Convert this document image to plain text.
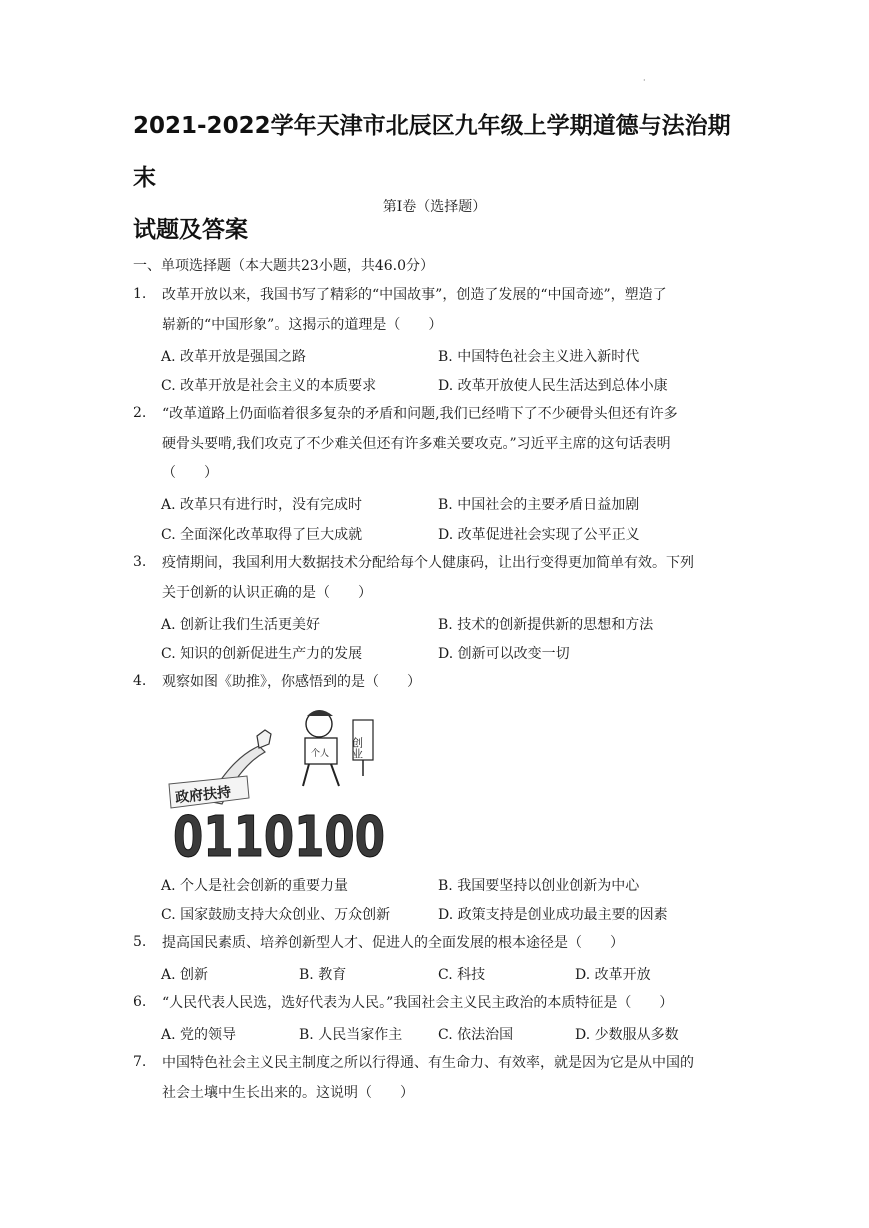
·
2021-2022学年天津市北辰区九年级上学期道德与法治期末
试题及答案
第Ⅰ卷（选择题）
一、单项选择题（本大题共23小题，共46.0分）
1. 改革开放以来，我国书写了精彩的“中国故事”，创造了发展的“中国奇迹”，塑造了
崭新的“中国形象”。这揭示的道理是（　　）
A. 改革开放是强国之路	B. 中国特色社会主义进入新时代
C. 改革开放是社会主义的本质要求	D. 改革开放使人民生活达到总体小康
2. “改革道路上仍面临着很多复杂的矛盾和问题,我们已经啃下了不少硬骨头但还有许多
硬骨头要啃,我们攻克了不少难关但还有许多难关要攻克。”习近平主席的这句话表明
（　　）
A. 改革只有进行时，没有完成时	B. 中国社会的主要矛盾日益加剧
C. 全面深化改革取得了巨大成就	D. 改革促进社会实现了公平正义
3. 疫情期间，我国利用大数据技术分配给每个人健康码，让出行变得更加简单有效。下列
关于创新的认识正确的是（　　）
A. 创新让我们生活更美好	B. 技术的创新提供新的思想和方法
C. 知识的创新促进生产力的发展	D. 创新可以改变一切
4. 观察如图《助推》，你感悟到的是（　　）
政府扶持
0110100
个人 创业
A. 个人是社会创新的重要力量	B. 我国要坚持以创业创新为中心
C. 国家鼓励支持大众创业、万众创新	D. 政策支持是创业成功最主要的因素
5. 提高国民素质、培养创新型人才、促进人的全面发展的根本途径是（　　）
A. 创新	B. 教育	C. 科技	D. 改革开放
6. “人民代表人民选，选好代表为人民。”我国社会主义民主政治的本质特征是（　　）
A. 党的领导	B. 人民当家作主	C. 依法治国	D. 少数服从多数
7. 中国特色社会主义民主制度之所以行得通、有生命力、有效率，就是因为它是从中国的
社会土壤中生长出来的。这说明（　　）
